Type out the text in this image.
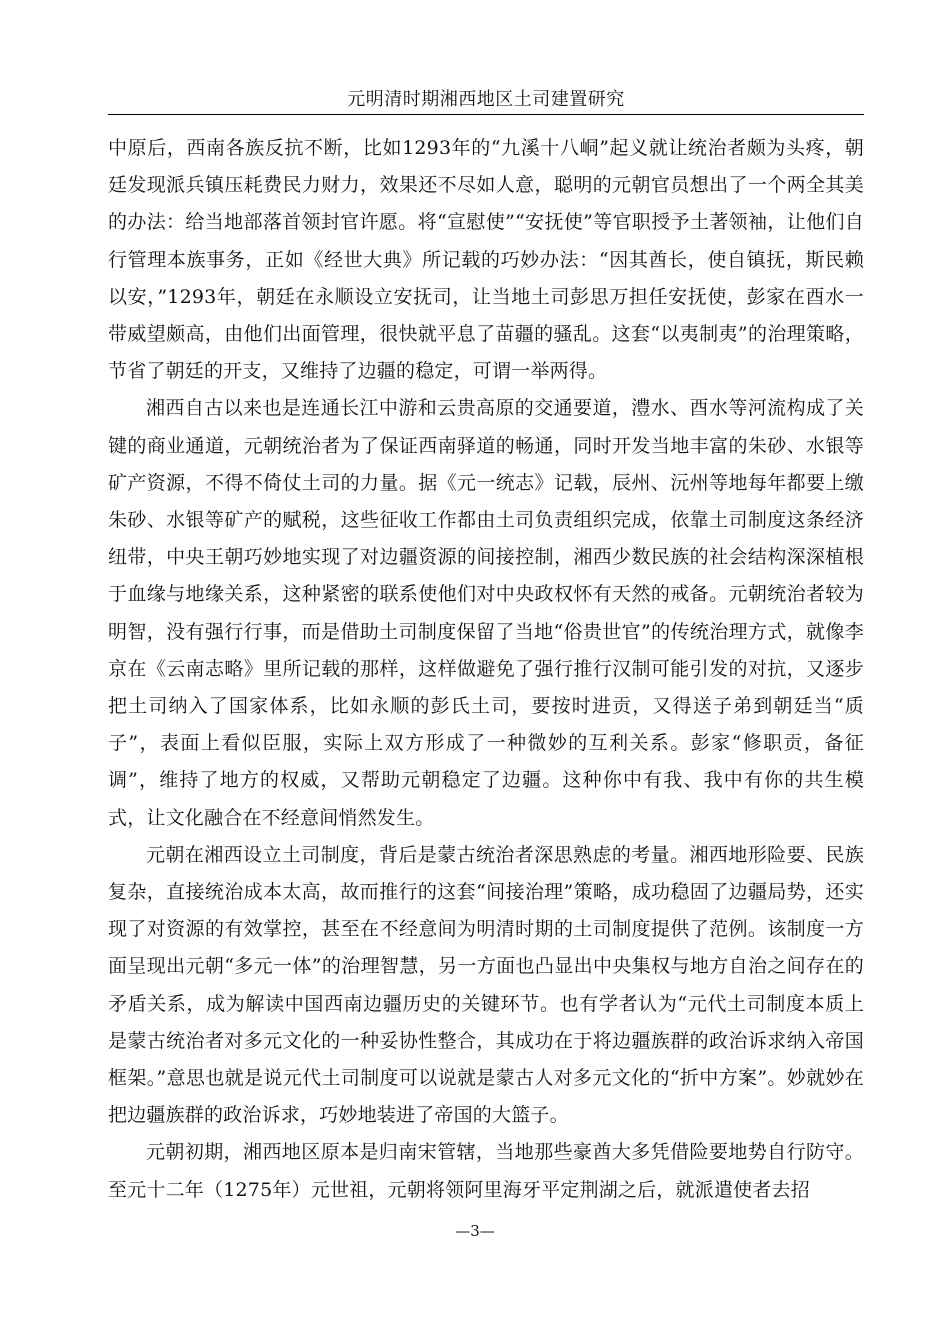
元明清时期湘西地区土司建置研究

中原后，西南各族反抗不断，比如1293年的“九溪十八峒”起义就让统治者颇为头疼，朝廷发现派兵镇压耗费民力财力，效果还不尽如人意，聪明的元朝官员想出了一个两全其美的办法：给当地部落首领封官许愿。将“宣慰使”“安抚使”等官职授予土著领袖，让他们自行管理本族事务，正如《经世大典》所记载的巧妙办法：“因其酋长，使自镇抚，斯民赖以安，”1293年，朝廷在永顺设立安抚司，让当地土司彭思万担任安抚使，彭家在酉水一带威望颇高，由他们出面管理，很快就平息了苗疆的骚乱。这套“以夷制夷”的治理策略，节省了朝廷的开支，又维持了边疆的稳定，可谓一举两得。

湘西自古以来也是连通长江中游和云贵高原的交通要道，澧水、酉水等河流构成了关键的商业通道，元朝统治者为了保证西南驿道的畅通，同时开发当地丰富的朱砂、水银等矿产资源，不得不倚仗土司的力量。据《元一统志》记载，辰州、沅州等地每年都要上缴朱砂、水银等矿产的赋税，这些征收工作都由土司负责组织完成，依靠土司制度这条经济纽带，中央王朝巧妙地实现了对边疆资源的间接控制，湘西少数民族的社会结构深深植根于血缘与地缘关系，这种紧密的联系使他们对中央政权怀有天然的戒备。元朝统治者较为明智，没有强行行事，而是借助土司制度保留了当地“俗贵世官”的传统治理方式，就像李京在《云南志略》里所记载的那样，这样做避免了强行推行汉制可能引发的对抗，又逐步把土司纳入了国家体系，比如永顺的彭氏土司，要按时进贡，又得送子弟到朝廷当“质子”，表面上看似臣服，实际上双方形成了一种微妙的互利关系。彭家“修职贡，备征调”，维持了地方的权威，又帮助元朝稳定了边疆。这种你中有我、我中有你的共生模式，让文化融合在不经意间悄然发生。

元朝在湘西设立土司制度，背后是蒙古统治者深思熟虑的考量。湘西地形险要、民族复杂，直接统治成本太高，故而推行的这套“间接治理”策略，成功稳固了边疆局势，还实现了对资源的有效掌控，甚至在不经意间为明清时期的土司制度提供了范例。该制度一方面呈现出元朝“多元一体”的治理智慧，另一方面也凸显出中央集权与地方自治之间存在的矛盾关系，成为解读中国西南边疆历史的关键环节。也有学者认为“元代土司制度本质上是蒙古统治者对多元文化的一种妥协性整合，其成功在于将边疆族群的政治诉求纳入帝国框架。”意思也就是说元代土司制度可以说就是蒙古人对多元文化的“折中方案”。妙就妙在把边疆族群的政治诉求，巧妙地装进了帝国的大篮子。

元朝初期，湘西地区原本是归南宋管辖，当地那些豪酋大多凭借险要地势自行防守。至元十二年（1275年）元世祖，元朝将领阿里海牙平定荆湖之后，就派遣使者去招

—3—
